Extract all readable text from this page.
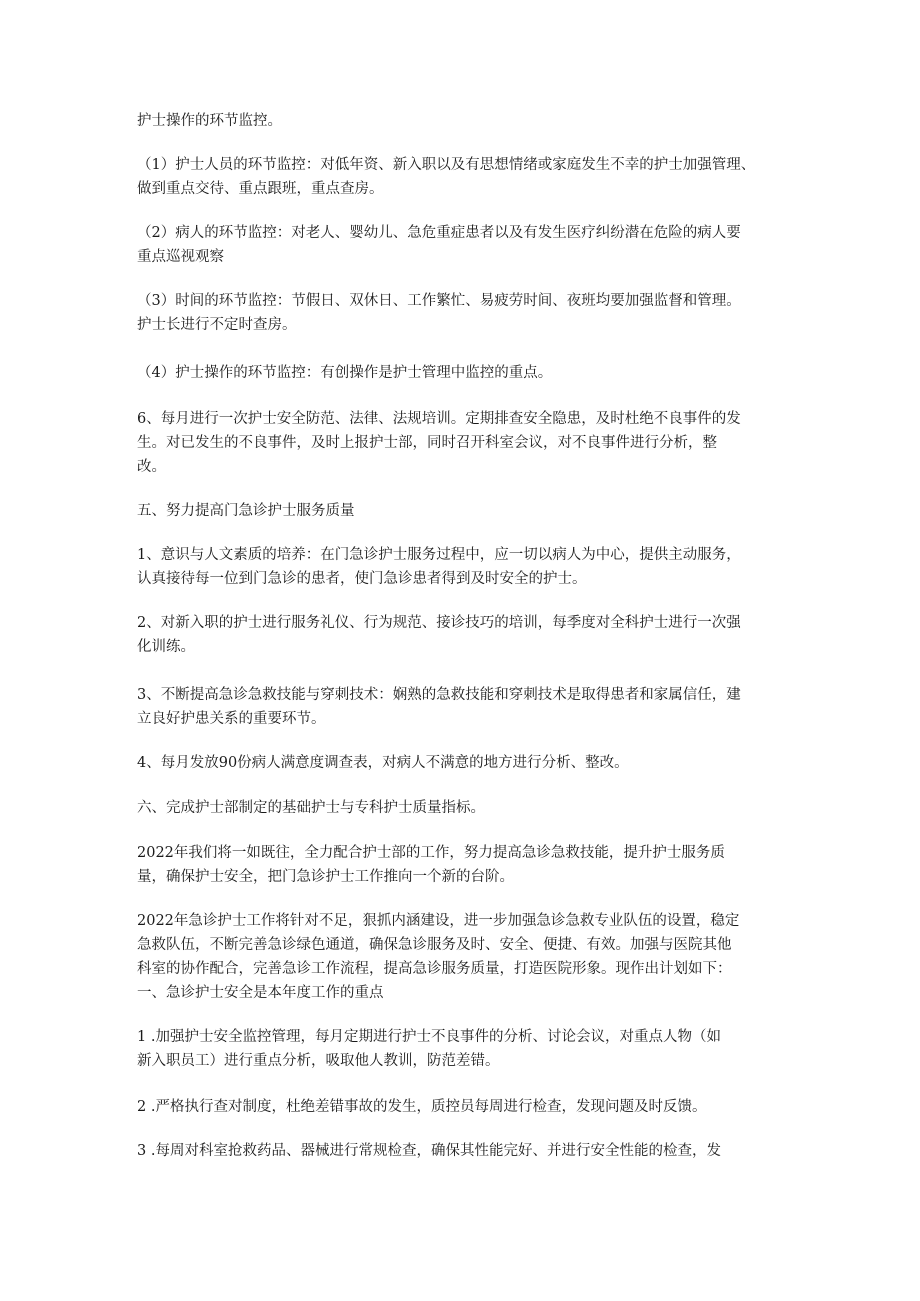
护士操作的环节监控。

（1）护士人员的环节监控：对低年资、新入职以及有思想情绪或家庭发生不幸的护士加强管理、
做到重点交待、重点跟班，重点查房。

（2）病人的环节监控：对老人、婴幼儿、急危重症患者以及有发生医疗纠纷潜在危险的病人要
重点巡视观察

（3）时间的环节监控：节假日、双休日、工作繁忙、易疲劳时间、夜班均要加强监督和管理。
护士长进行不定时查房。

（4）护士操作的环节监控：有创操作是护士管理中监控的重点。

6、每月进行一次护士安全防范、法律、法规培训。定期排查安全隐患，及时杜绝不良事件的发
生。对已发生的不良事件，及时上报护士部，同时召开科室会议，对不良事件进行分析，整
改。

五、努力提高门急诊护士服务质量

1、意识与人文素质的培养：在门急诊护士服务过程中，应一切以病人为中心，提供主动服务，
认真接待每一位到门急诊的患者，使门急诊患者得到及时安全的护士。

2、对新入职的护士进行服务礼仪、行为规范、接诊技巧的培训，每季度对全科护士进行一次强
化训练。

3、不断提高急诊急救技能与穿刺技术：娴熟的急救技能和穿刺技术是取得患者和家属信任，建
立良好护患关系的重要环节。

4、每月发放90份病人满意度调查表，对病人不满意的地方进行分析、整改。

六、完成护士部制定的基础护士与专科护士质量指标。

2022年我们将一如既往，全力配合护士部的工作，努力提高急诊急救技能，提升护士服务质
量，确保护士安全，把门急诊护士工作推向一个新的台阶。

2022年急诊护士工作将针对不足，狠抓内涵建设，进一步加强急诊急救专业队伍的设置，稳定
急救队伍，不断完善急诊绿色通道，确保急诊服务及时、安全、便捷、有效。加强与医院其他
科室的协作配合，完善急诊工作流程，提高急诊服务质量，打造医院形象。现作出计划如下：
一、急诊护士安全是本年度工作的重点

1 .加强护士安全监控管理，每月定期进行护士不良事件的分析、讨论会议，对重点人物（如
新入职员工）进行重点分析，吸取他人教训，防范差错。

2 .严格执行查对制度，杜绝差错事故的发生，质控员每周进行检查，发现问题及时反馈。

3 .每周对科室抢救药品、器械进行常规检查，确保其性能完好、并进行安全性能的检查，发
